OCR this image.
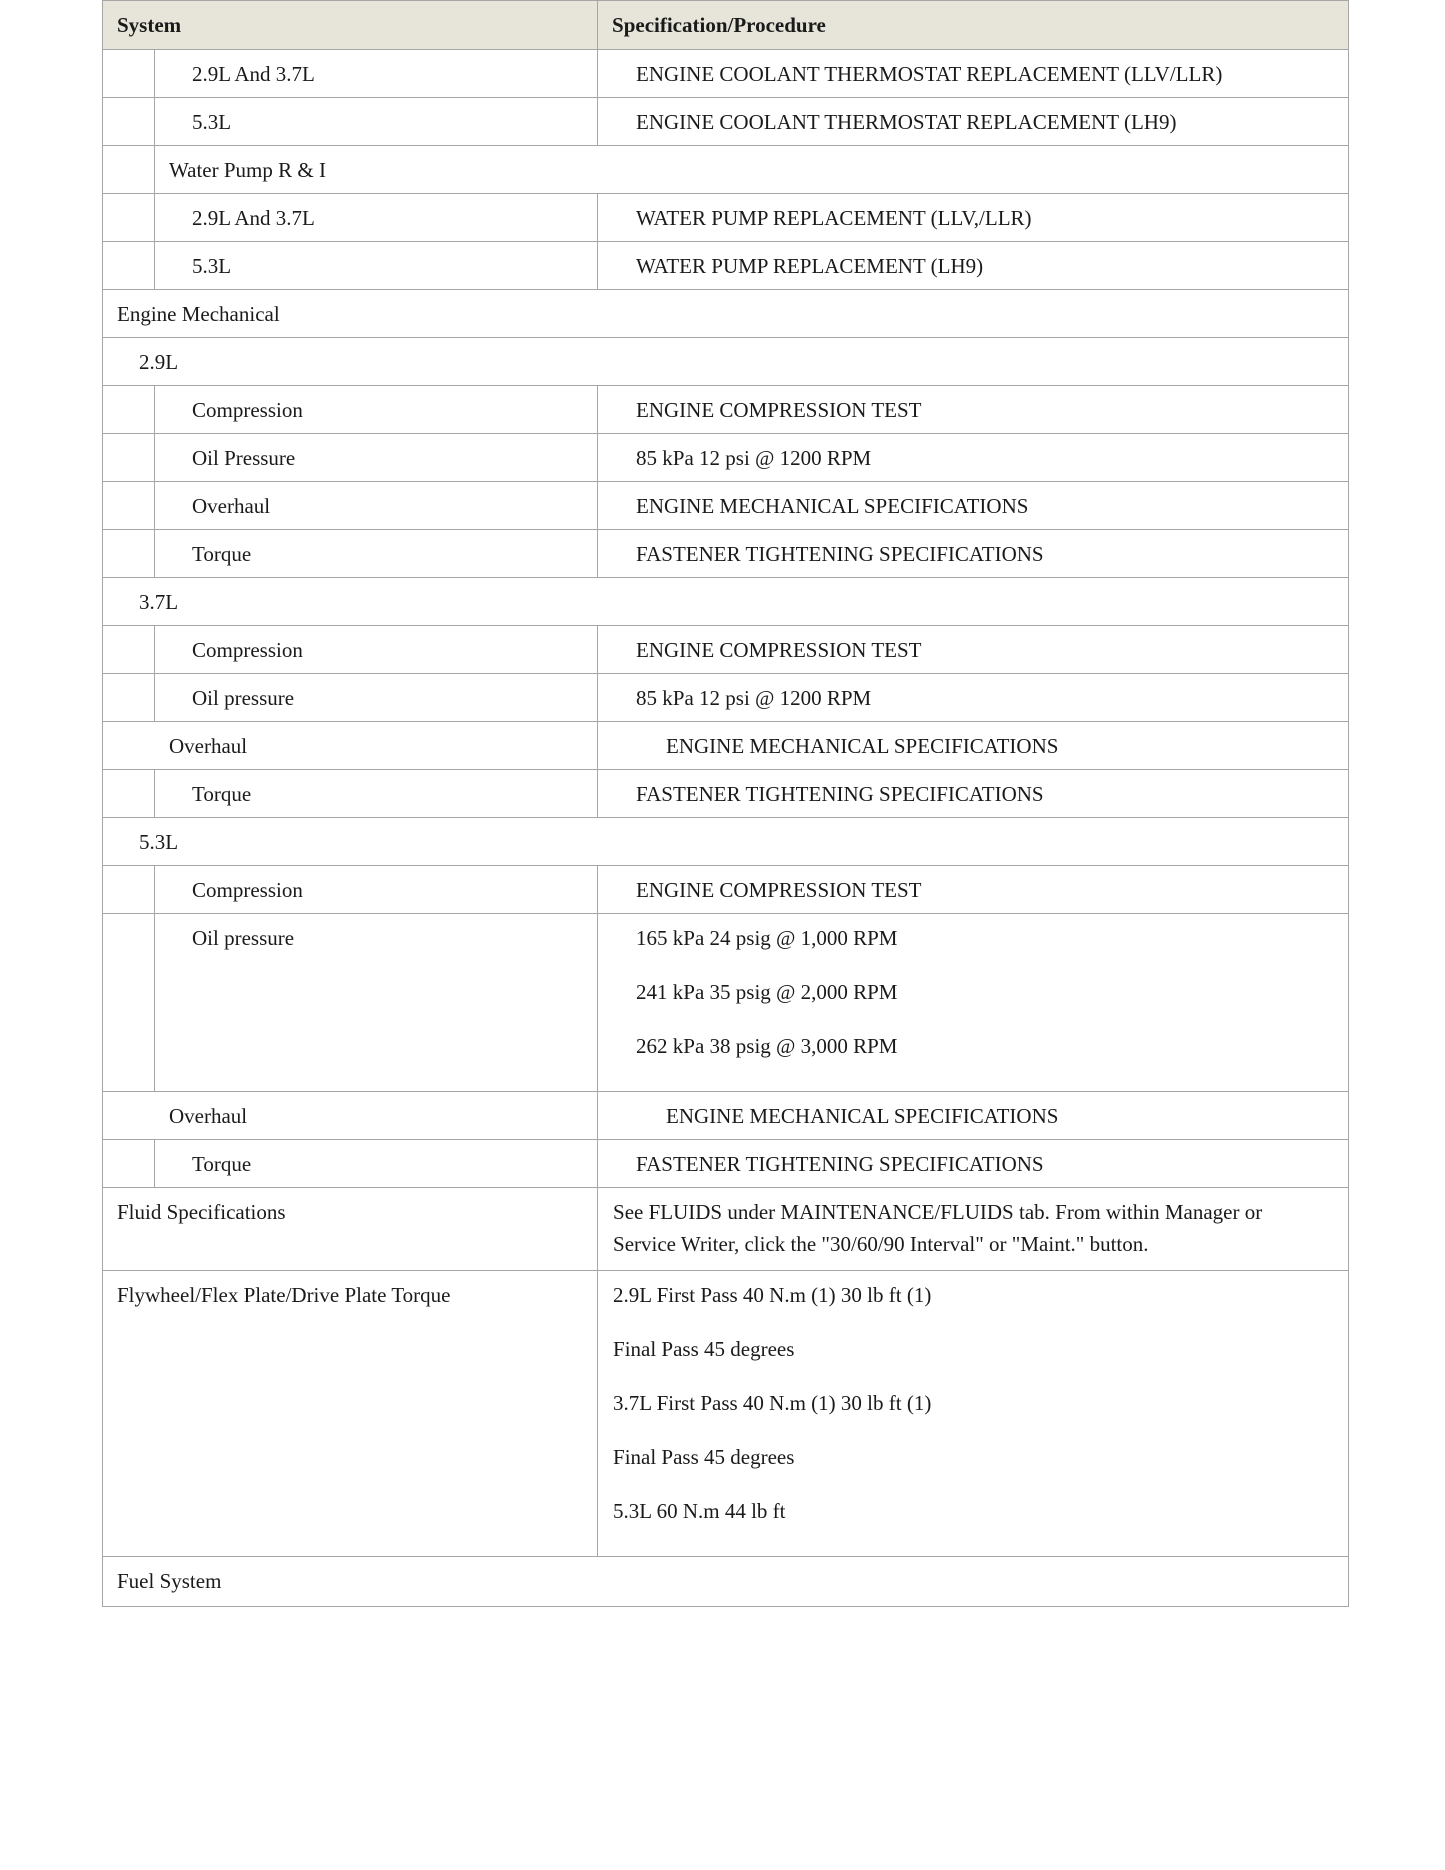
System		Specification/Procedure

	2.9L And 3.7L	ENGINE COOLANT THERMOSTAT REPLACEMENT (LLV/LLR)

	5.3L	ENGINE COOLANT THERMOSTAT REPLACEMENT (LH9)

	Water Pump R & I	

	2.9L And 3.7L	WATER PUMP REPLACEMENT (LLV,/LLR)

	5.3L	WATER PUMP REPLACEMENT (LH9)

Engine Mechanical		

2.9L		

	Compression	ENGINE COMPRESSION TEST

	Oil Pressure	85 kPa 12 psi @ 1200 RPM

	Overhaul	ENGINE MECHANICAL SPECIFICATIONS

	Torque	FASTENER TIGHTENING SPECIFICATIONS

3.7L		

	Compression	ENGINE COMPRESSION TEST

	Oil pressure	85 kPa 12 psi @ 1200 RPM

Overhaul		ENGINE MECHANICAL SPECIFICATIONS

	Torque	FASTENER TIGHTENING SPECIFICATIONS

5.3L		

	Compression	ENGINE COMPRESSION TEST

	Oil pressure	165 kPa 24 psig @ 1,000 RPM
241 kPa 35 psig @ 2,000 RPM
262 kPa 38 psig @ 3,000 RPM

Overhaul		ENGINE MECHANICAL SPECIFICATIONS

	Torque	FASTENER TIGHTENING SPECIFICATIONS

Fluid Specifications		See FLUIDS under MAINTENANCE/FLUIDS tab. From within Manager or Service Writer, click the "30/60/90 Interval" or "Maint." button.

Flywheel/Flex Plate/Drive Plate Torque		2.9L First Pass 40 N.m (1) 30 lb ft (1)
Final Pass 45 degrees
3.7L First Pass 40 N.m (1) 30 lb ft (1)
Final Pass 45 degrees
5.3L 60 N.m 44 lb ft

Fuel System		
